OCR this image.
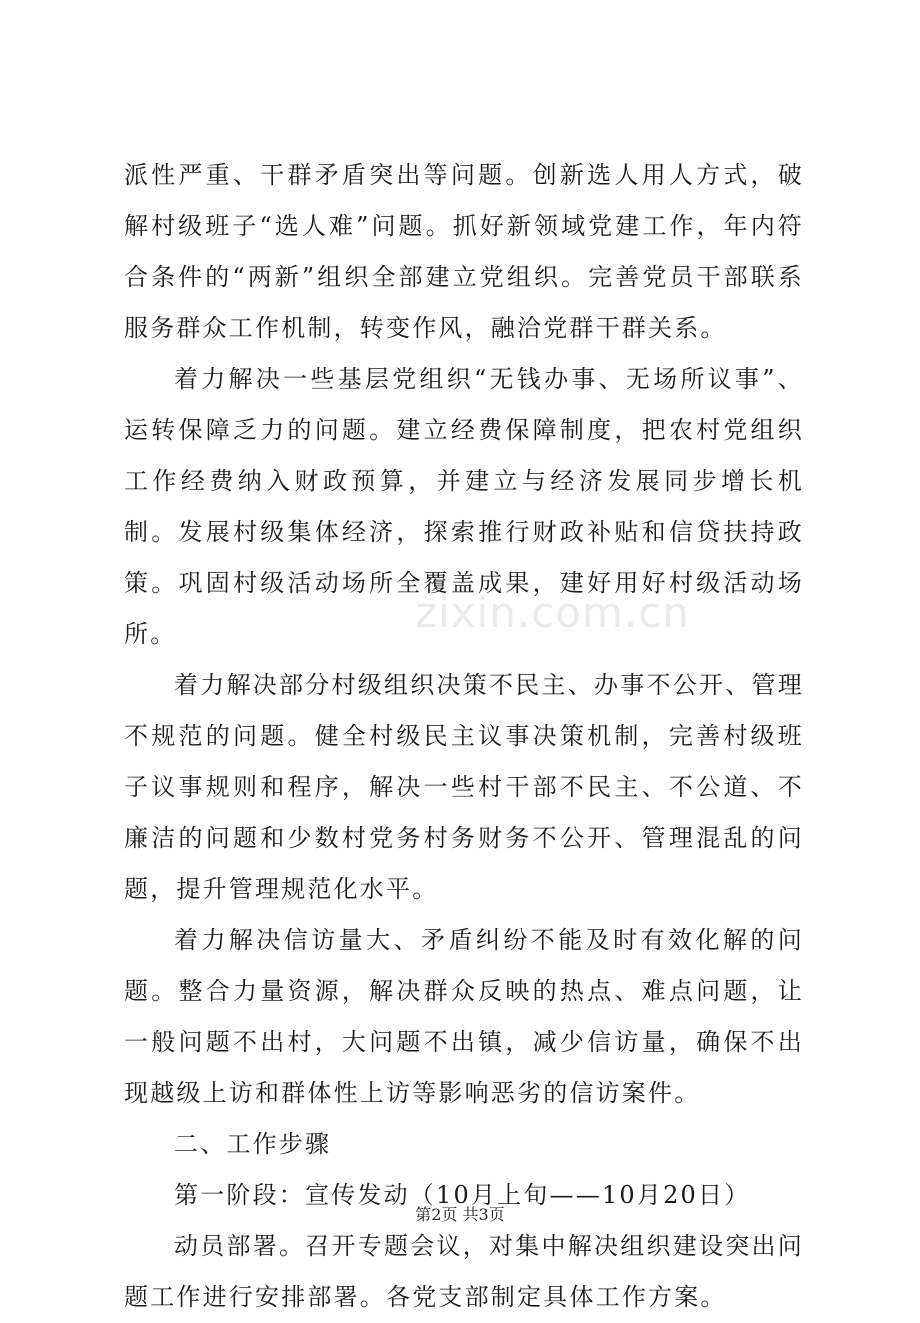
派性严重、干群矛盾突出等问题。创新选人用人方式，破解村级班子“选人难”问题。抓好新领域党建工作，年内符合条件的“两新”组织全部建立党组织。完善党员干部联系服务群众工作机制，转变作风，融洽党群干群关系。

着力解决一些基层党组织“无钱办事、无场所议事”、运转保障乏力的问题。建立经费保障制度，把农村党组织工作经费纳入财政预算，并建立与经济发展同步增长机制。发展村级集体经济，探索推行财政补贴和信贷扶持政策。巩固村级活动场所全覆盖成果，建好用好村级活动场所。

着力解决部分村级组织决策不民主、办事不公开、管理不规范的问题。健全村级民主议事决策机制，完善村级班子议事规则和程序，解决一些村干部不民主、不公道、不廉洁的问题和少数村党务村务财务不公开、管理混乱的问题，提升管理规范化水平。

着力解决信访量大、矛盾纠纷不能及时有效化解的问题。整合力量资源，解决群众反映的热点、难点问题，让一般问题不出村，大问题不出镇，减少信访量，确保不出现越级上访和群体性上访等影响恶劣的信访案件。

二、工作步骤

第一阶段：宣传发动（10月上旬——10月20日）

动员部署。召开专题会议，对集中解决组织建设突出问题工作进行安排部署。各党支部制定具体工作方案。

zixin.com.cn
第2页 共3页
